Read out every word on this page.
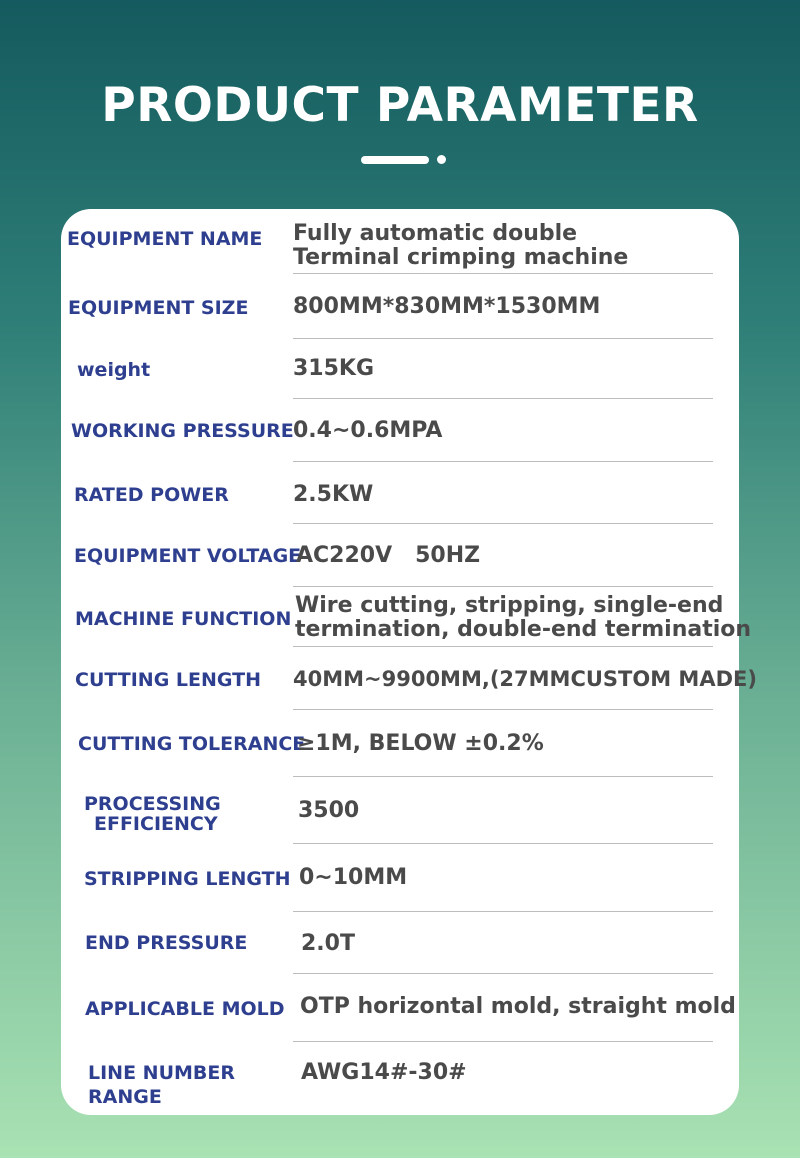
PRODUCT PARAMETER
EQUIPMENT NAME Fully automatic double
Terminal crimping machine
EQUIPMENT SIZE 800MM*830MM*1530MM
weight	315KG
WORKING PRESSURE 0.4~0.6MPA
RATED POWER	2.5KW
EQUIPMENT VOLTAGE
AC220V   50HZ
MACHINE FUNCTION
Wire cutting, stripping, single-end
termination, double-end termination
CUTTING LENGTH 40MM~9900MM,(27MMCUSTOM MADE)
CUTTING TOLERANCE
≥1M, BELOW ±0.2%
PROCESSING
EFFICIENCY
3500
STRIPPING LENGTH 0~10MM
END PRESSURE 2.0T
APPLICABLE MOLD OTP horizontal mold, straight mold
LINE NUMBER
RANGE
AWG14#-30#
